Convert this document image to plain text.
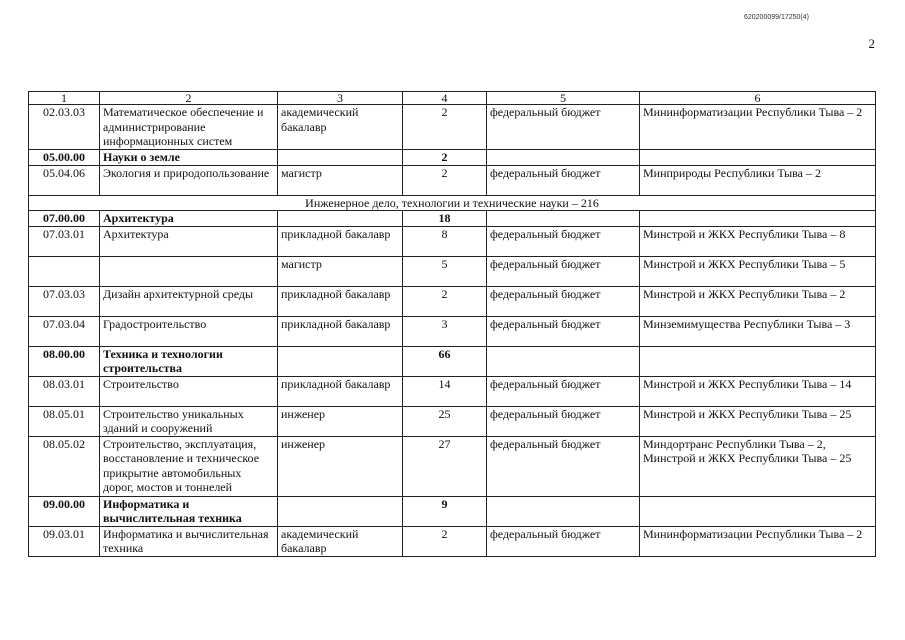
620200099/17250(4)
2
1	2	3	4	5	6
02.03.03	Математическое обеспечение и администрирование информационных систем	академический бакалавр	2	федеральный бюджет	Мининформатизации Республики Тыва – 2
05.00.00	Науки о земле		2		
05.04.06	Экология и природопользование	магистр	2	федеральный бюджет	Минприроды Республики Тыва – 2
Инженерное дело, технологии и технические науки – 216					
07.00.00	Архитектура		18		
07.03.01	Архитектура	прикладной бакалавр	8	федеральный бюджет	Минстрой и ЖКХ Республики Тыва – 8
		магистр	5	федеральный бюджет	Минстрой и ЖКХ Республики Тыва – 5
07.03.03	Дизайн архитектурной среды	прикладной бакалавр	2	федеральный бюджет	Минстрой и ЖКХ Республики Тыва – 2
07.03.04	Градостроительство	прикладной бакалавр	3	федеральный бюджет	Минземимущества Республики Тыва – 3
08.00.00	Техника и технологии строительства		66		
08.03.01	Строительство	прикладной бакалавр	14	федеральный бюджет	Минстрой и ЖКХ Республики Тыва – 14
08.05.01	Строительство уникальных зданий и сооружений	инженер	25	федеральный бюджет	Минстрой и ЖКХ Республики Тыва – 25
08.05.02	Строительство, эксплуатация, восстановление и техническое прикрытие автомобильных дорог, мостов и тоннелей	инженер	27	федеральный бюджет	Миндортранс Республики Тыва – 2, Минстрой и ЖКХ Республики Тыва – 25
09.00.00	Информатика и вычислительная техника		9		
09.03.01	Информатика и вычислительная техника	академический бакалавр	2	федеральный бюджет	Мининформатизации Республики Тыва – 2
